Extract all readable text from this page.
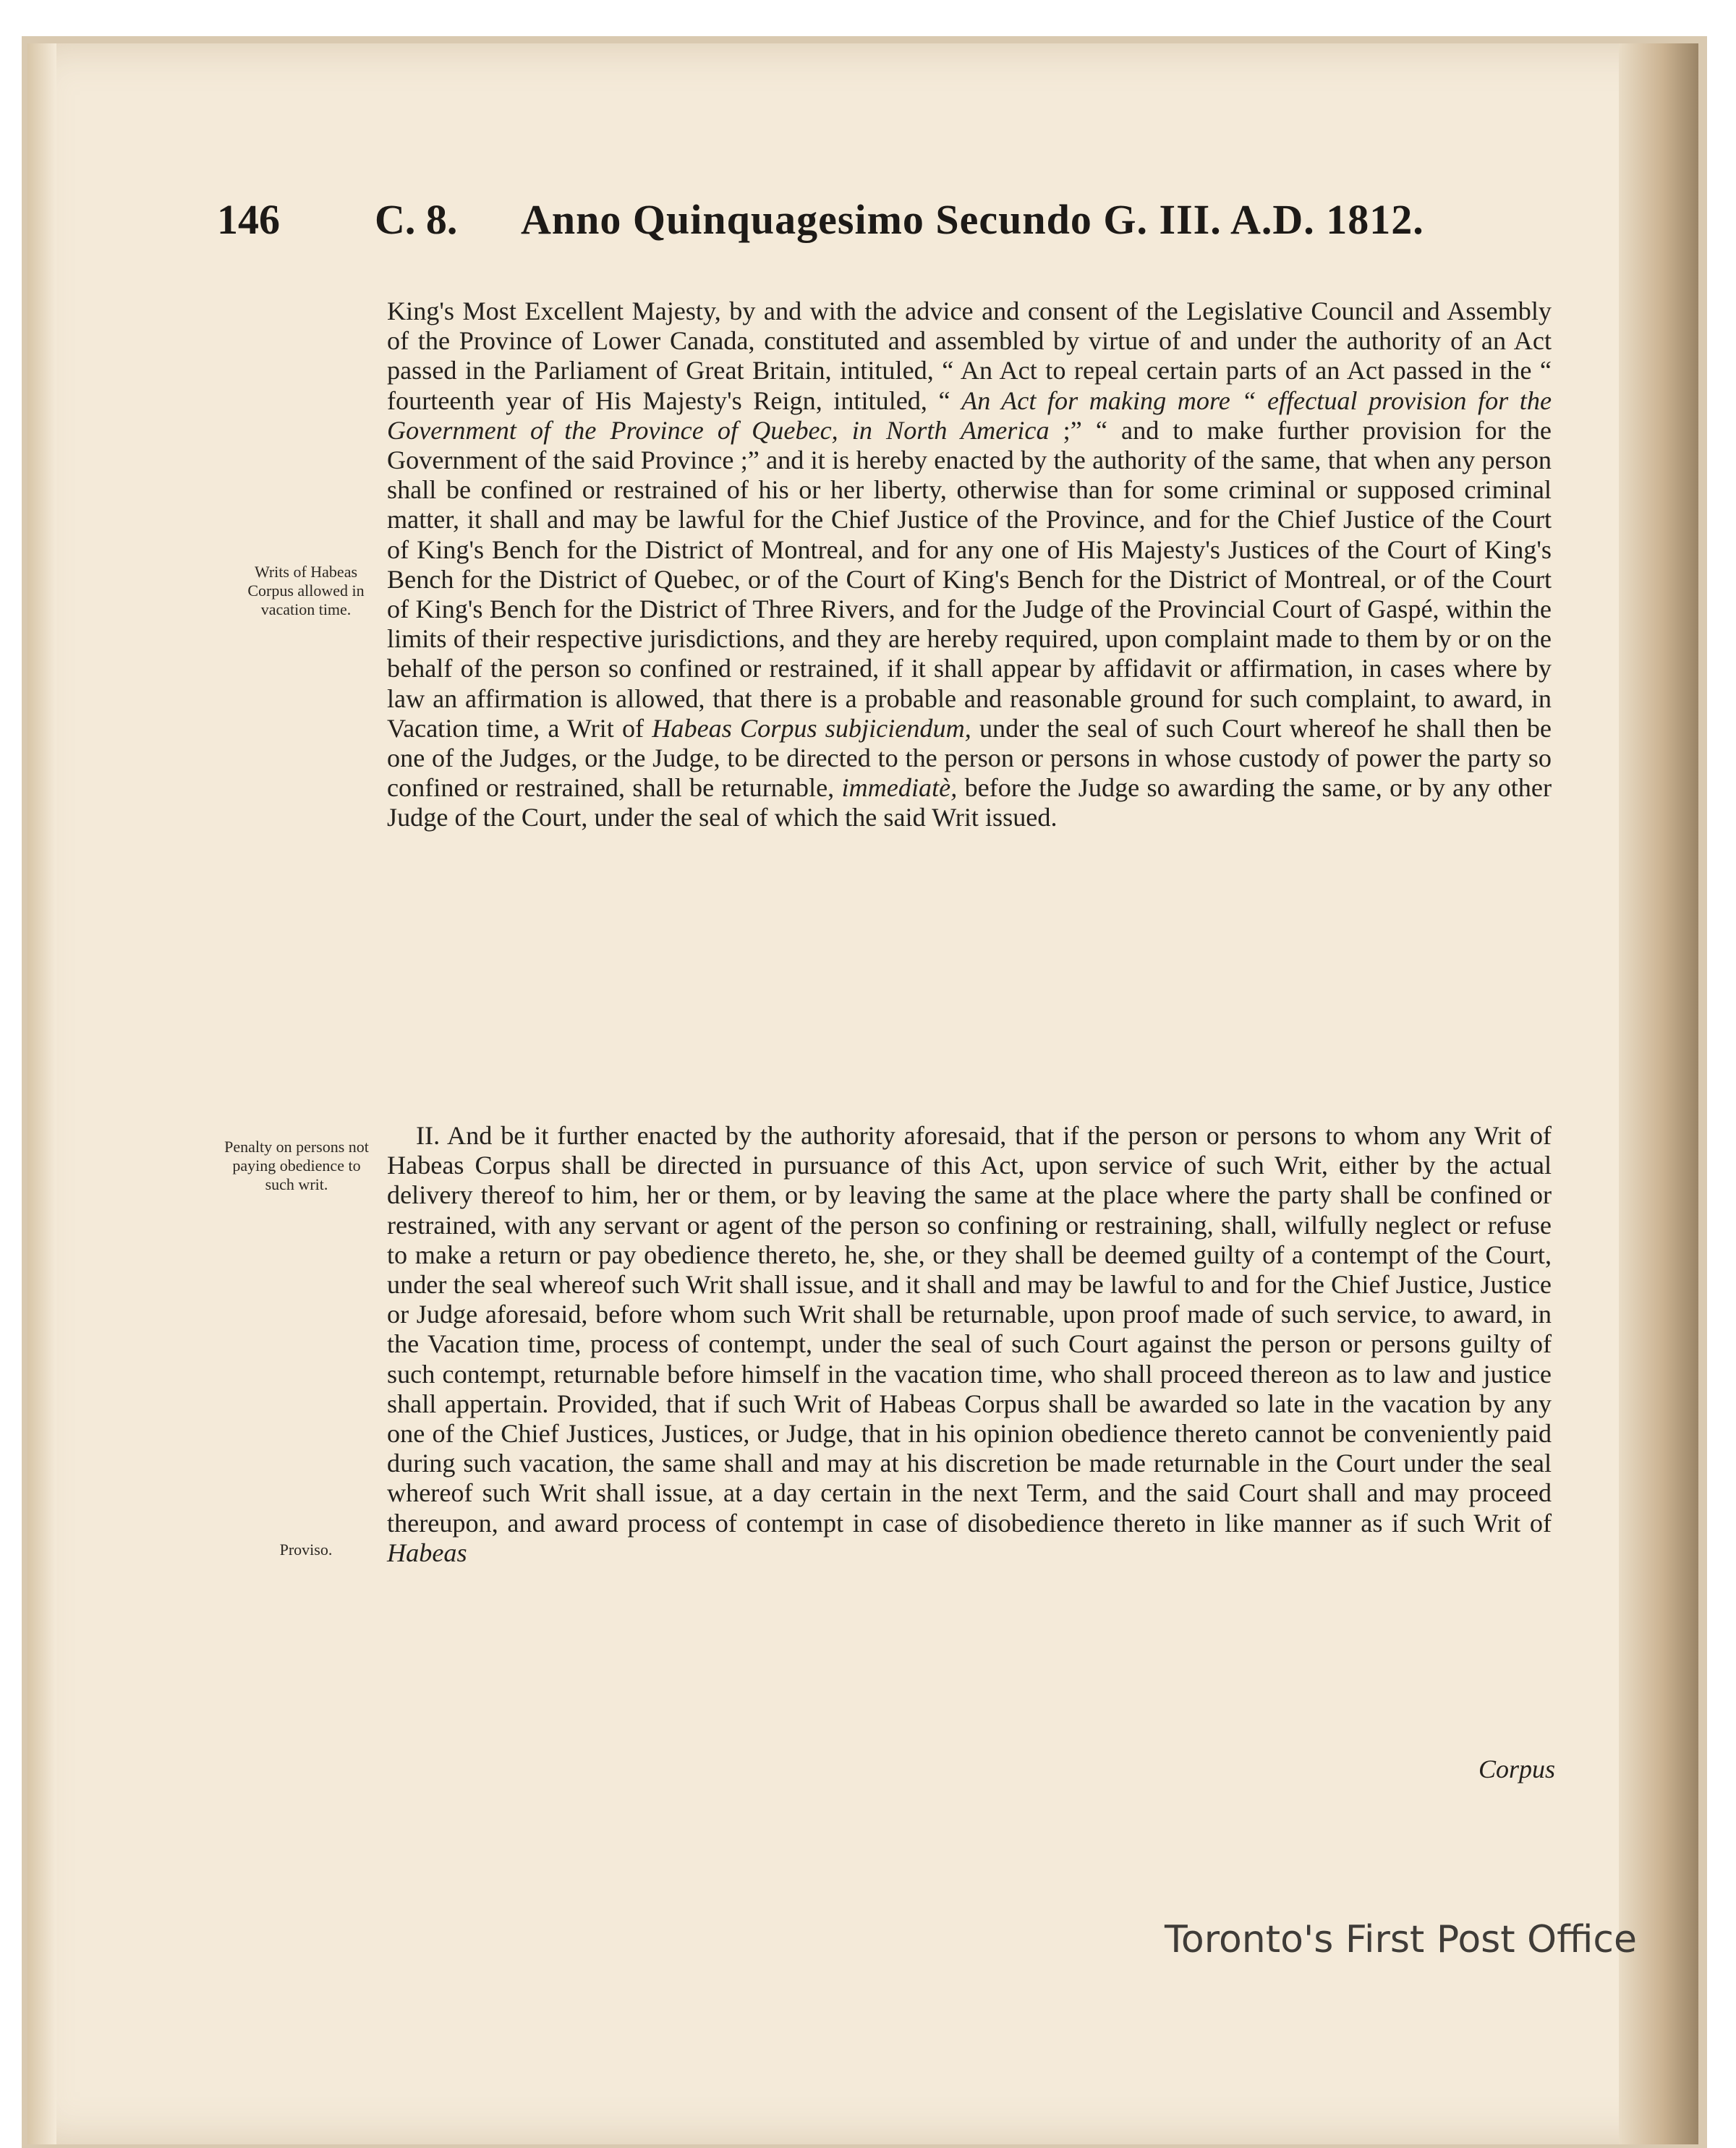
146 C. 8. Anno Quinquagesimo Secundo G. III. A.D. 1812.
Writs of Habeas Corpus allowed in vacation time.
Penalty on persons not paying obedience to such writ.
Proviso.

King's Most Excellent Majesty, by and with the advice and consent of the Legislative Council and Assembly of the Province of Lower Canada, constituted and assembled by virtue of and under the authority of an Act passed in the Parliament of Great Britain, intituled, “ An Act to repeal certain parts of an Act passed in the “ fourteenth year of His Majesty's Reign, intituled, “ An Act for making more “ effectual provision for the Government of the Province of Quebec, in North America ;” “ and to make further provision for the Government of the said Province ;” and it is hereby enacted by the authority of the same, that when any person shall be confined or restrained of his or her liberty, otherwise than for some criminal or supposed criminal matter, it shall and may be lawful for the Chief Justice of the Province, and for the Chief Justice of the Court of King's Bench for the District of Montreal, and for any one of His Majesty's Justices of the Court of King's Bench for the District of Quebec, or of the Court of King's Bench for the District of Montreal, or of the Court of King's Bench for the District of Three Rivers, and for the Judge of the Provincial Court of Gaspé, within the limits of their respective jurisdictions, and they are hereby required, upon complaint made to them by or on the behalf of the person so confined or restrained, if it shall appear by affidavit or affirmation, in cases where by law an affirmation is allowed, that there is a probable and reasonable ground for such complaint, to award, in Vacation time, a Writ of Habeas Corpus subjiciendum, under the seal of such Court whereof he shall then be one of the Judges, or the Judge, to be directed to the person or persons in whose custody of power the party so confined or restrained, shall be returnable, immediatè, before the Judge so awarding the same, or by any other Judge of the Court, under the seal of which the said Writ issued.

II. And be it further enacted by the authority aforesaid, that if the person or persons to whom any Writ of Habeas Corpus shall be directed in pursuance of this Act, upon service of such Writ, either by the actual delivery thereof to him, her or them, or by leaving the same at the place where the party shall be confined or restrained, with any servant or agent of the person so confining or restraining, shall, wilfully neglect or refuse to make a return or pay obedience thereto, he, she, or they shall be deemed guilty of a contempt of the Court, under the seal whereof such Writ shall issue, and it shall and may be lawful to and for the Chief Justice, Justice or Judge aforesaid, before whom such Writ shall be returnable, upon proof made of such service, to award, in the Vacation time, process of contempt, under the seal of such Court against the person or persons guilty of such contempt, returnable before himself in the vacation time, who shall proceed thereon as to law and justice shall appertain. Provided, that if such Writ of Habeas Corpus shall be awarded so late in the vacation by any one of the Chief Justices, Justices, or Judge, that in his opinion obedience thereto cannot be conveniently paid during such vacation, the same shall and may at his discretion be made returnable in the Court under the seal whereof such Writ shall issue, at a day certain in the next Term, and the said Court shall and may proceed thereupon, and award process of contempt in case of disobedience thereto in like manner as if such Writ of Habeas

Corpus
Toronto's First Post Office
